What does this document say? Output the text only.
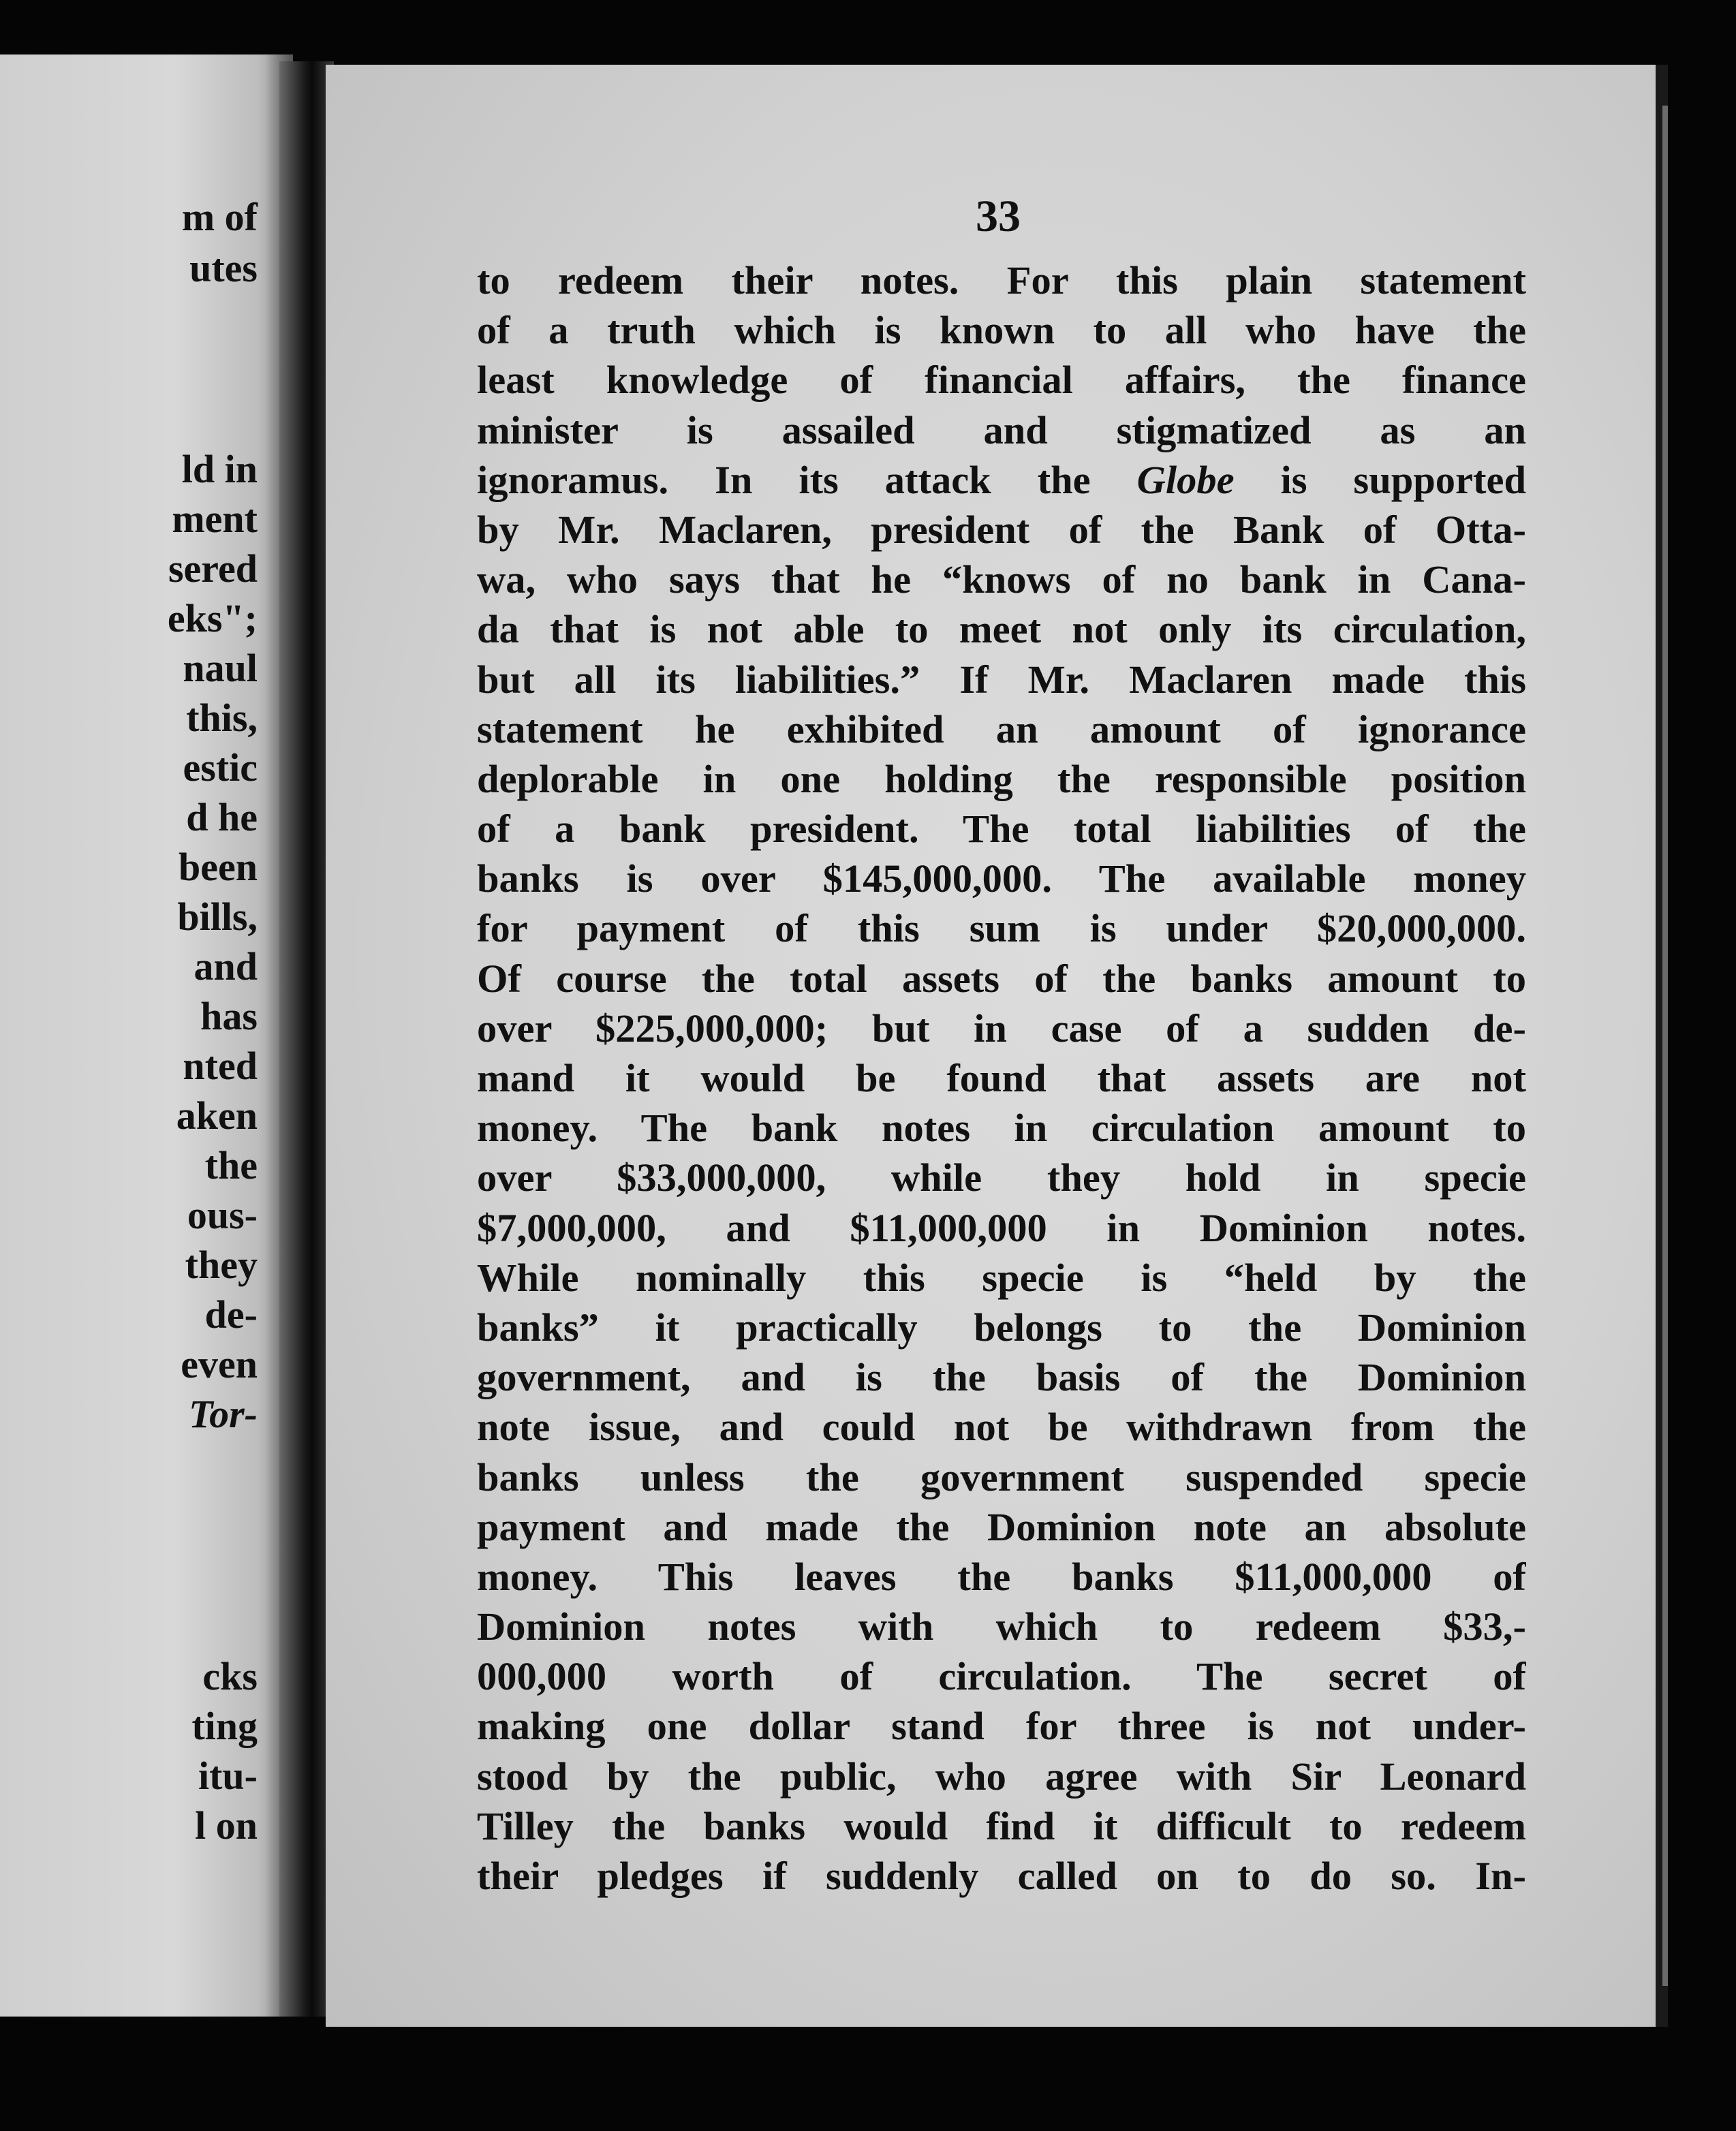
m of
utes
ld in
ment
sered
eks";
naul
this,
estic
d he
been
bills,
and
has
nted
aken
the
ous-
they
de-
even
Tor-
cks
ting
itu-
l on
33
to redeem their notes. For this plain statement
of a truth which is known to all who have the
least knowledge of financial affairs, the finance
minister is assailed and stigmatized as an
ignoramus. In its attack the Globe is supported
by Mr. Maclaren, president of the Bank of Otta-
wa, who says that he “knows of no bank in Cana-
da that is not able to meet not only its circulation,
but all its liabilities.” If Mr. Maclaren made this
statement he exhibited an amount of ignorance
deplorable in one holding the responsible position
of a bank president. The total liabilities of the
banks is over $145,000,000. The available money
for payment of this sum is under $20,000,000.
Of course the total assets of the banks amount to
over $225,000,000; but in case of a sudden de-
mand it would be found that assets are not
money. The bank notes in circulation amount to
over $33,000,000, while they hold in specie
$7,000,000, and $11,000,000 in Dominion notes.
While nominally this specie is “held by the
banks” it practically belongs to the Dominion
government, and is the basis of the Dominion
note issue, and could not be withdrawn from the
banks unless the government suspended specie
payment and made the Dominion note an absolute
money. This leaves the banks $11,000,000 of
Dominion notes with which to redeem $33,-
000,000 worth of circulation. The secret of
making one dollar stand for three is not under-
stood by the public, who agree with Sir Leonard
Tilley the banks would find it difficult to redeem
their pledges if suddenly called on to do so. In-
